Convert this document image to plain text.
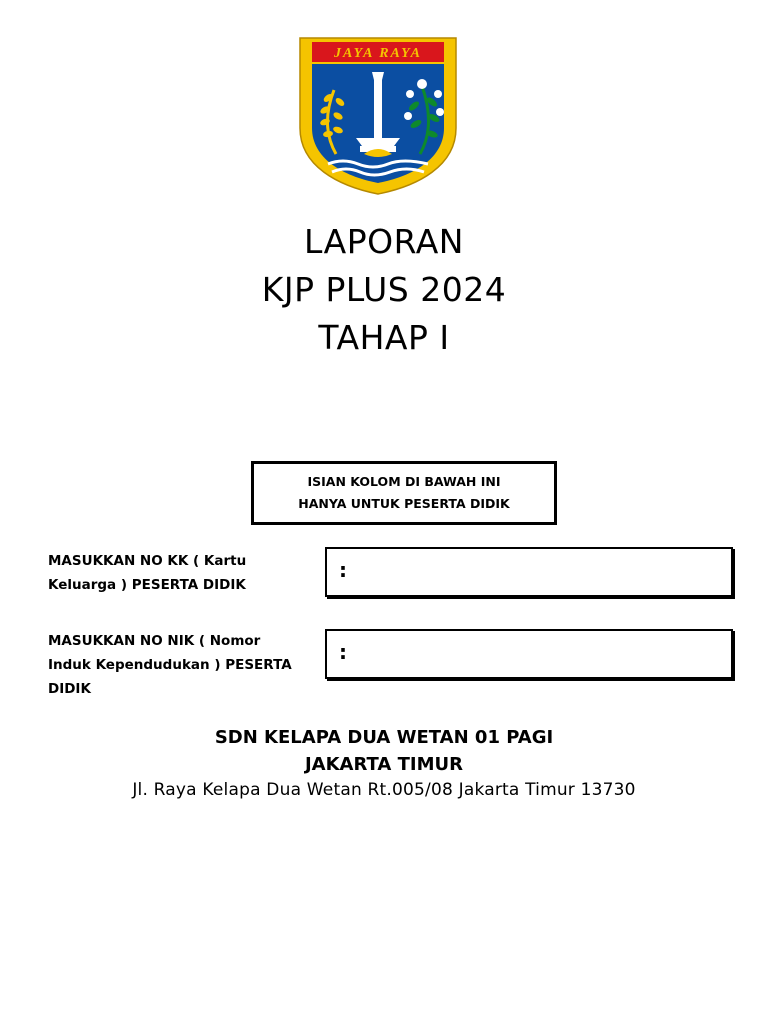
JAYA RAYA
LAPORAN
KJP PLUS 2024
TAHAP I
ISIAN KOLOM DI BAWAH INI
HANYA UNTUK PESERTA DIDIK
MASUKKAN NO KK ( Kartu
Keluarga ) PESERTA DIDIK
:
MASUKKAN NO NIK ( Nomor
Induk Kependudukan ) PESERTA
DIDIK
:
SDN KELAPA DUA WETAN 01 PAGI
JAKARTA TIMUR
Jl. Raya Kelapa Dua Wetan Rt.005/08 Jakarta Timur 13730
